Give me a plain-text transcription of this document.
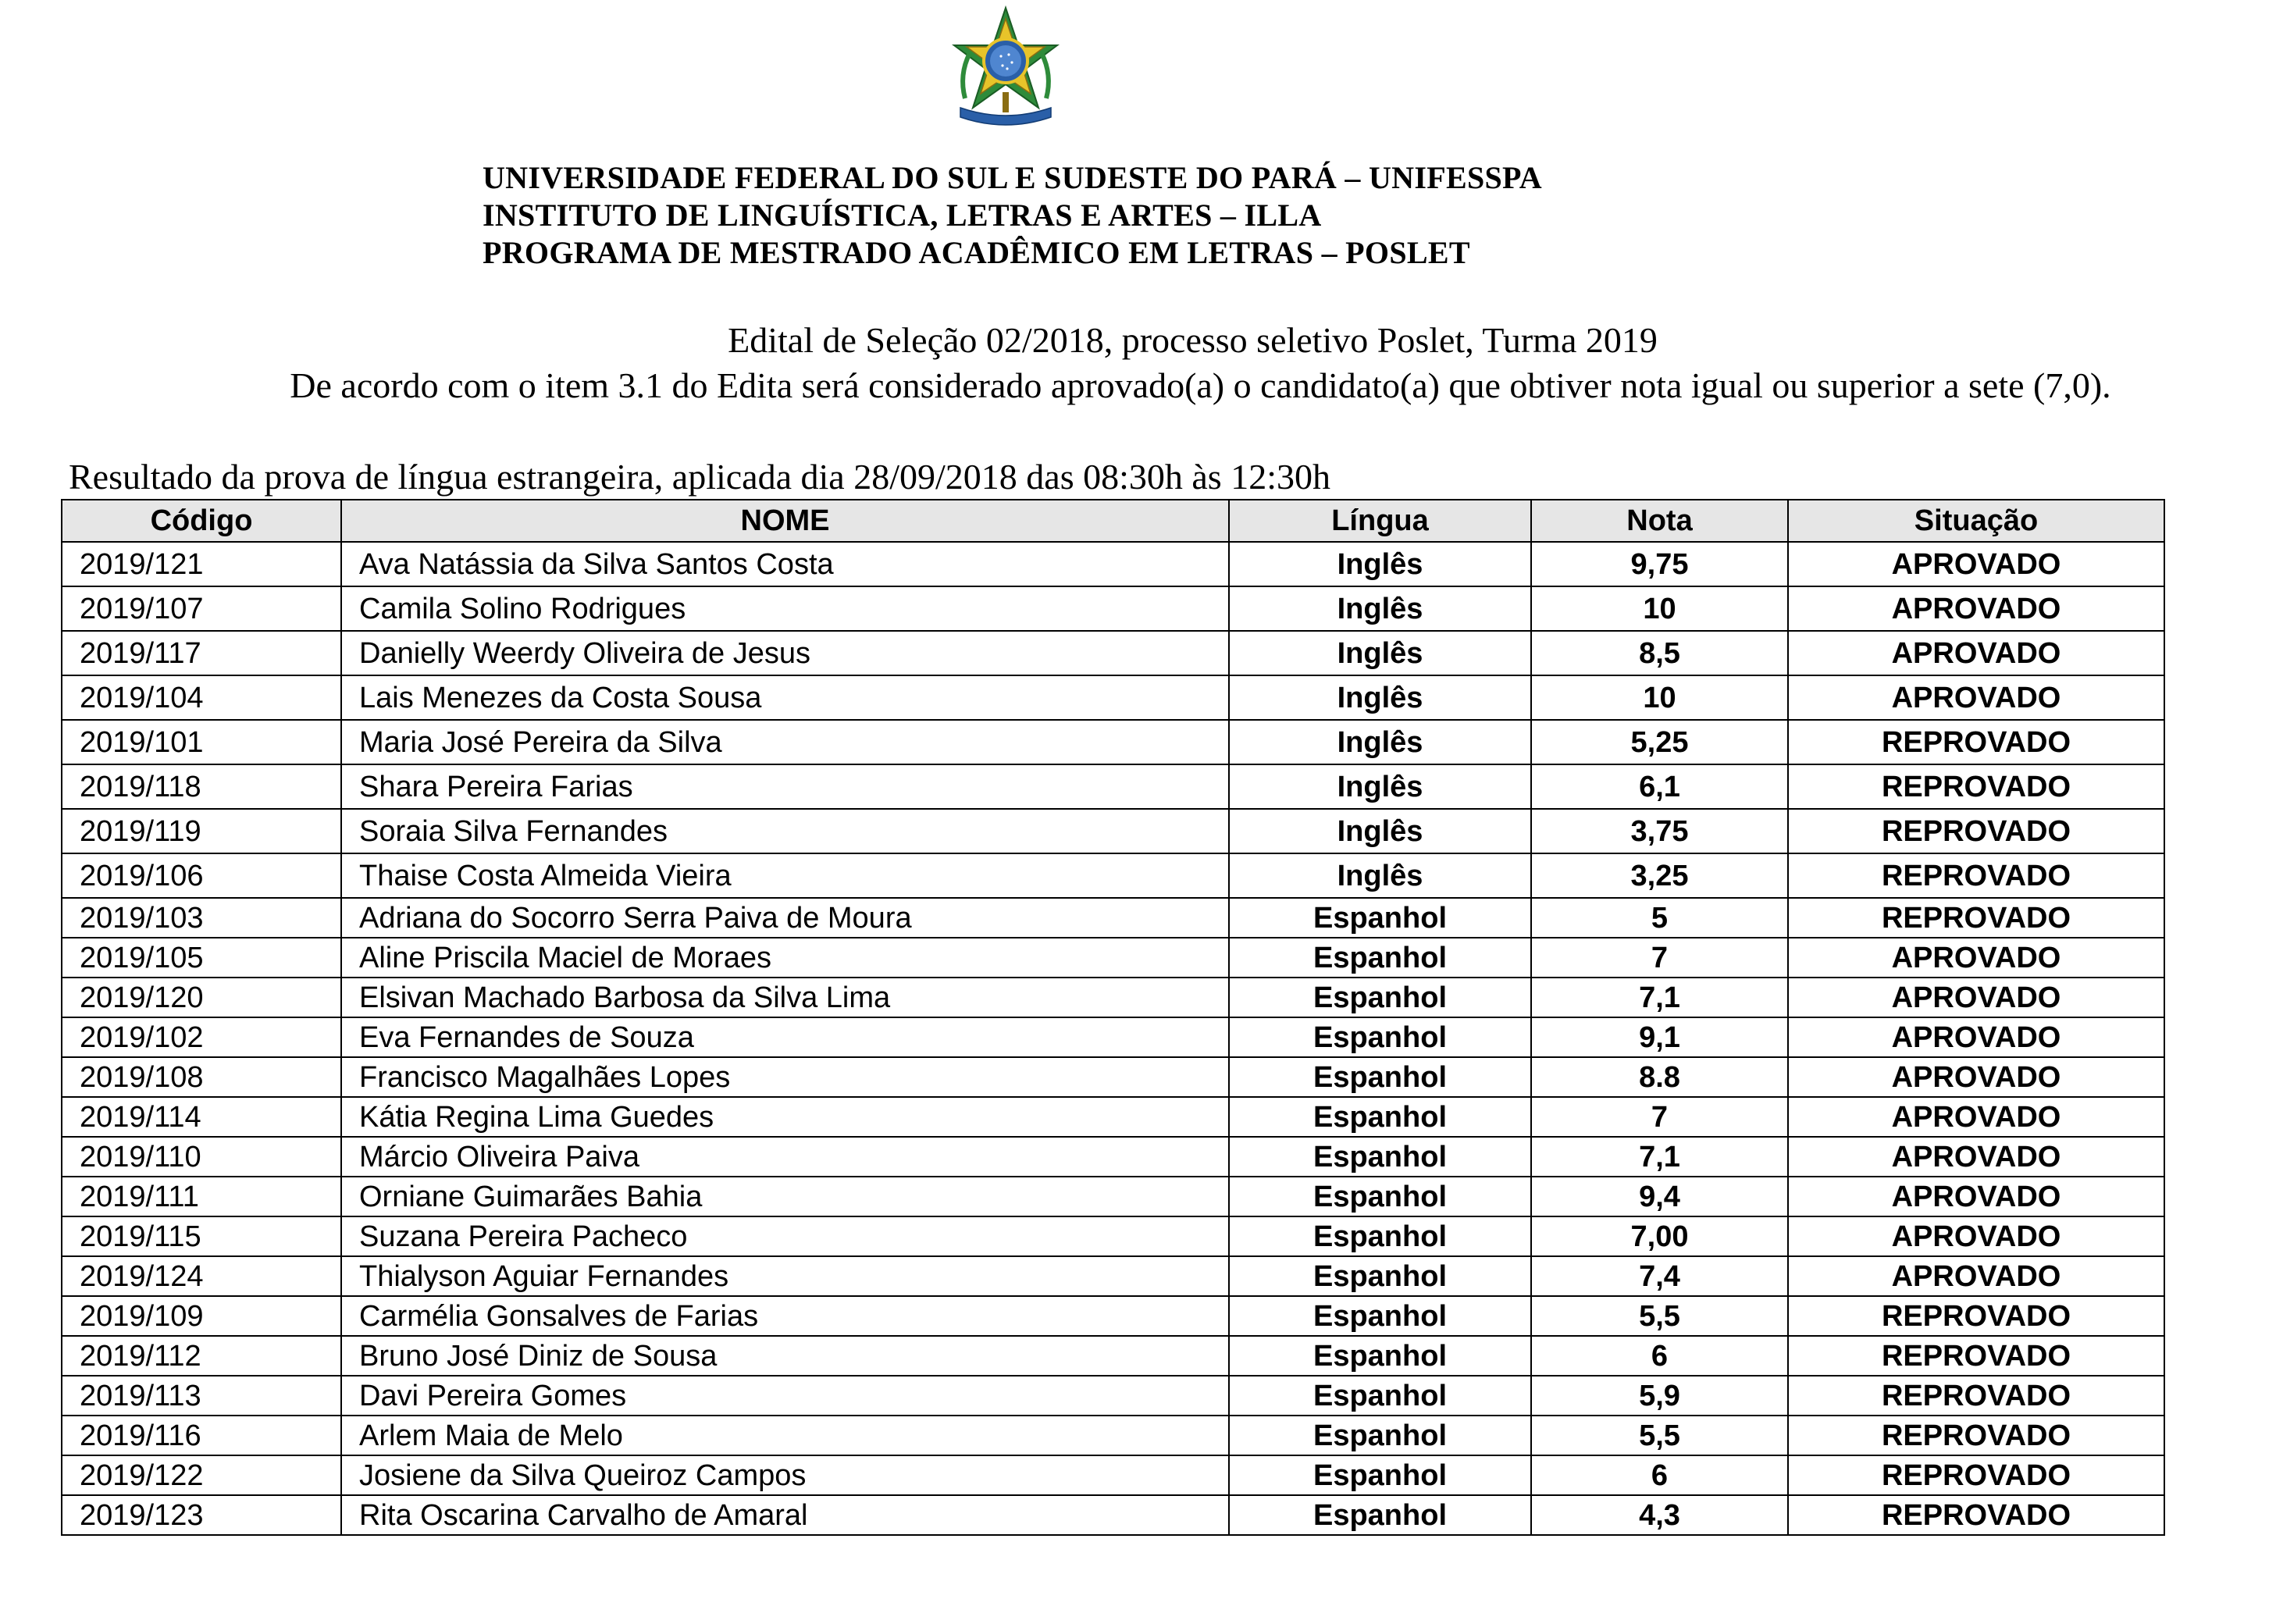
UNIVERSIDADE FEDERAL DO SUL E SUDESTE DO PARÁ – UNIFESSPA
INSTITUTO DE LINGUÍSTICA, LETRAS E ARTES – ILLA
PROGRAMA DE MESTRADO ACADÊMICO EM LETRAS – POSLET
Edital de Seleção 02/2018, processo seletivo Poslet, Turma 2019
De acordo com o item 3.1 do Edita será considerado aprovado(a) o candidato(a) que obtiver nota igual ou superior a sete (7,0).
Resultado da prova de língua estrangeira, aplicada dia 28/09/2018 das 08:30h às 12:30h
Código	NOME	Língua	Nota	Situação
2019/121	Ava Natássia da Silva Santos Costa	Inglês	9,75	APROVADO
2019/107	Camila Solino Rodrigues	Inglês	10	APROVADO
2019/117	Danielly Weerdy Oliveira de Jesus	Inglês	8,5	APROVADO
2019/104	Lais Menezes da Costa Sousa	Inglês	10	APROVADO
2019/101	Maria José Pereira da Silva	Inglês	5,25	REPROVADO
2019/118	Shara Pereira Farias	Inglês	6,1	REPROVADO
2019/119	Soraia Silva Fernandes	Inglês	3,75	REPROVADO
2019/106	Thaise Costa Almeida Vieira	Inglês	3,25	REPROVADO
2019/103	Adriana do Socorro Serra Paiva de Moura	Espanhol	5	REPROVADO
2019/105	Aline Priscila Maciel de Moraes	Espanhol	7	APROVADO
2019/120	Elsivan Machado Barbosa da Silva Lima	Espanhol	7,1	APROVADO
2019/102	Eva Fernandes de Souza	Espanhol	9,1	APROVADO
2019/108	Francisco Magalhães Lopes	Espanhol	8.8	APROVADO
2019/114	Kátia Regina Lima Guedes	Espanhol	7	APROVADO
2019/110	Márcio Oliveira Paiva	Espanhol	7,1	APROVADO
2019/111	Orniane Guimarães Bahia	Espanhol	9,4	APROVADO
2019/115	Suzana Pereira Pacheco	Espanhol	7,00	APROVADO
2019/124	Thialyson Aguiar Fernandes	Espanhol	7,4	APROVADO
2019/109	Carmélia Gonsalves de Farias	Espanhol	5,5	REPROVADO
2019/112	Bruno José Diniz de Sousa	Espanhol	6	REPROVADO
2019/113	Davi Pereira Gomes	Espanhol	5,9	REPROVADO
2019/116	Arlem Maia de Melo	Espanhol	5,5	REPROVADO
2019/122	Josiene da Silva Queiroz Campos	Espanhol	6	REPROVADO
2019/123	Rita Oscarina Carvalho de Amaral	Espanhol	4,3	REPROVADO
